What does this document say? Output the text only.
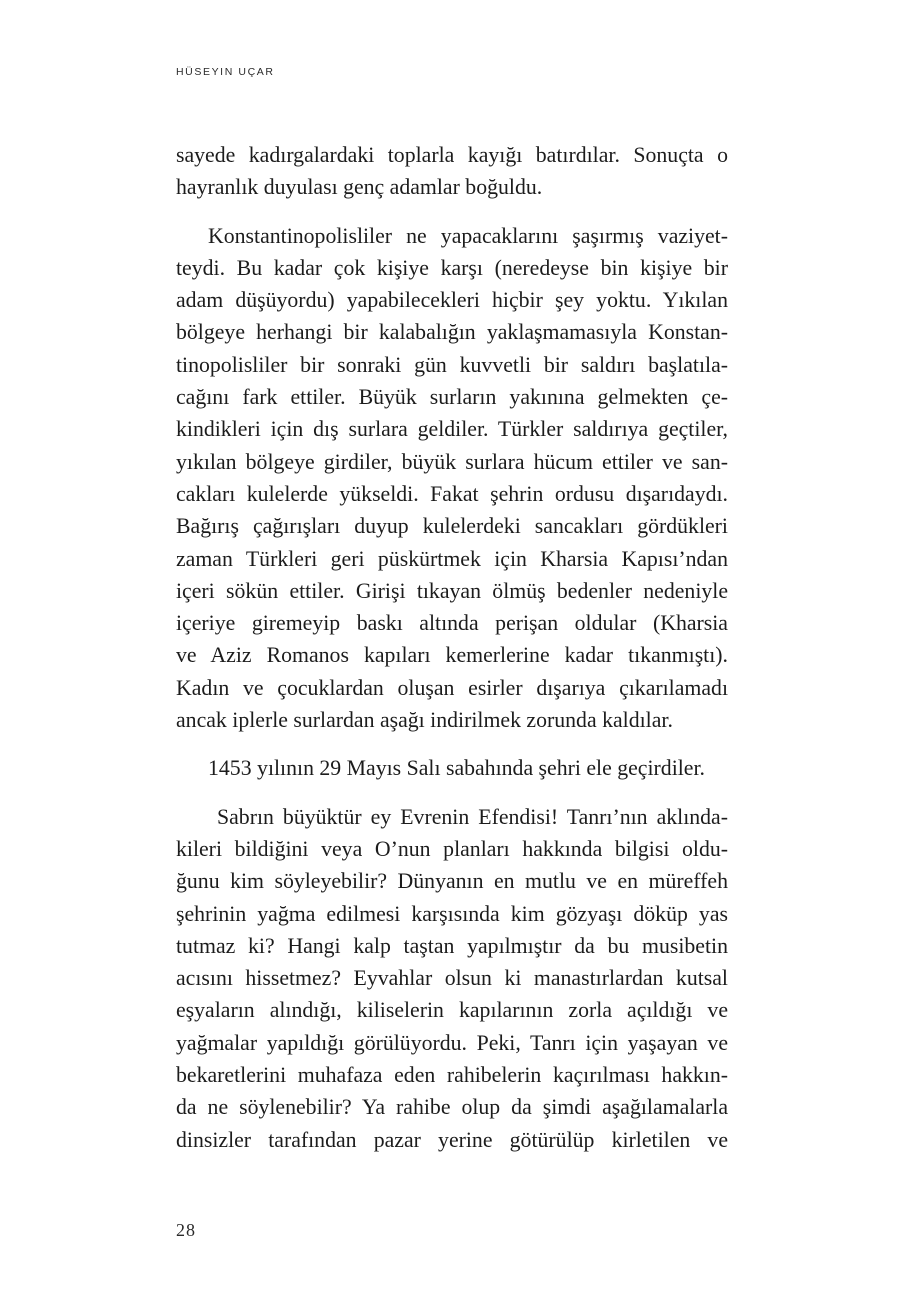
HÜSEYIN UÇAR

sayede kadırgalardaki toplarla kayığı batırdılar. Sonuçta o
hayranlık duyulası genç adamlar boğuldu.

Konstantinopolisliler ne yapacaklarını şaşırmış vaziyet-
teydi. Bu kadar çok kişiye karşı (neredeyse bin kişiye bir
adam düşüyordu) yapabilecekleri hiçbir şey yoktu. Yıkılan
bölgeye herhangi bir kalabalığın yaklaşmamasıyla Konstan-
tinopolisliler bir sonraki gün kuvvetli bir saldırı başlatıla-
cağını fark ettiler. Büyük surların yakınına gelmekten çe-
kindikleri için dış surlara geldiler. Türkler saldırıya geçtiler,
yıkılan bölgeye girdiler, büyük surlara hücum ettiler ve san-
cakları kulelerde yükseldi. Fakat şehrin ordusu dışarıdaydı.
Bağırış çağırışları duyup kulelerdeki sancakları gördükleri
zaman Türkleri geri püskürtmek için Kharsia Kapısı’ndan
içeri sökün ettiler. Girişi tıkayan ölmüş bedenler nedeniyle
içeriye giremeyip baskı altında perişan oldular (Kharsia
ve Aziz Romanos kapıları kemerlerine kadar tıkanmıştı).
Kadın ve çocuklardan oluşan esirler dışarıya çıkarılamadı
ancak iplerle surlardan aşağı indirilmek zorunda kaldılar.

1453 yılının 29 Mayıs Salı sabahında şehri ele geçirdiler.

Sabrın büyüktür ey Evrenin Efendisi! Tanrı’nın aklında-
kileri bildiğini veya O’nun planları hakkında bilgisi oldu-
ğunu kim söyleyebilir? Dünyanın en mutlu ve en müreffeh
şehrinin yağma edilmesi karşısında kim gözyaşı döküp yas
tutmaz ki? Hangi kalp taştan yapılmıştır da bu musibetin
acısını hissetmez? Eyvahlar olsun ki manastırlardan kutsal
eşyaların alındığı, kiliselerin kapılarının zorla açıldığı ve
yağmalar yapıldığı görülüyordu. Peki, Tanrı için yaşayan ve
bekaretlerini muhafaza eden rahibelerin kaçırılması hakkın-
da ne söylenebilir? Ya rahibe olup da şimdi aşağılamalarla
dinsizler tarafından pazar yerine götürülüp kirletilen ve

28
